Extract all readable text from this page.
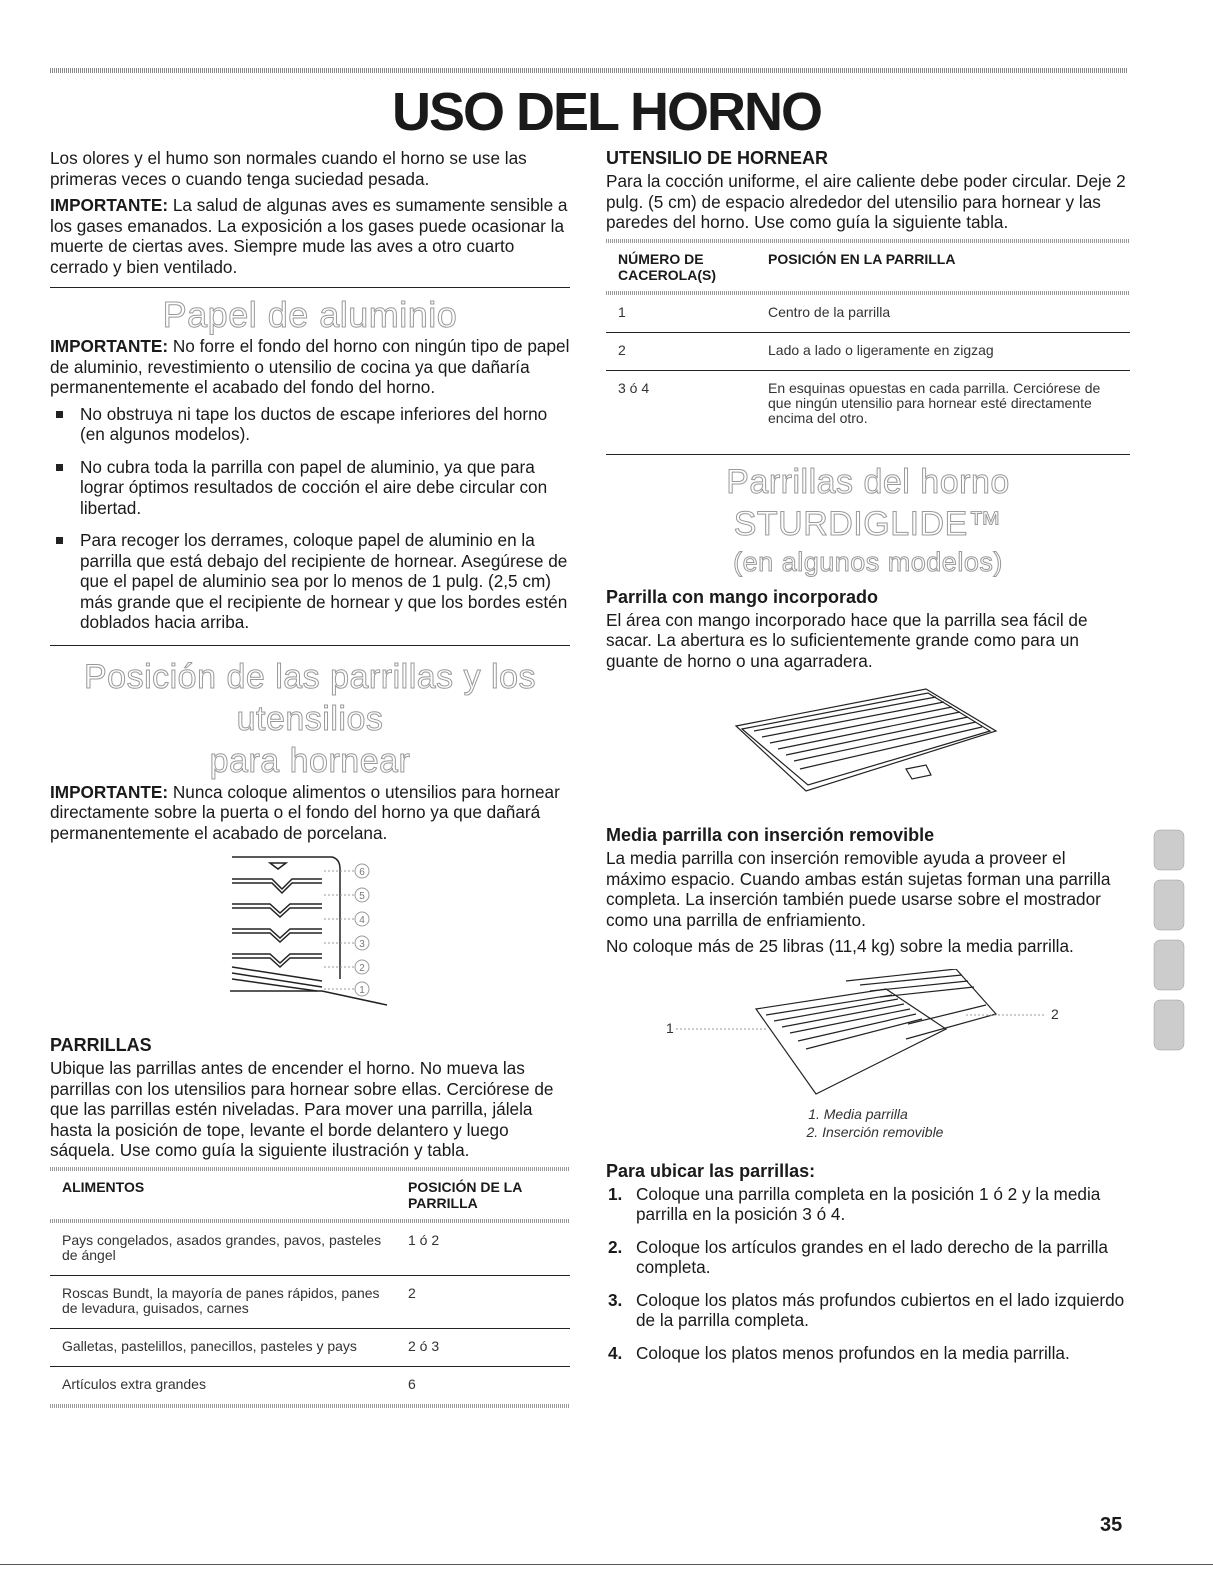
USO DEL HORNO

Los olores y el humo son normales cuando el horno se use las primeras veces o cuando tenga suciedad pesada.

IMPORTANTE: La salud de algunas aves es sumamente sensible a los gases emanados. La exposición a los gases puede ocasionar la muerte de ciertas aves. Siempre mude las aves a otro cuarto cerrado y bien ventilado.

Papel de aluminio

IMPORTANTE: No forre el fondo del horno con ningún tipo de papel de aluminio, revestimiento o utensilio de cocina ya que dañaría permanentemente el acabado del fondo del horno.

No obstruya ni tape los ductos de escape inferiores del horno (en algunos modelos).
No cubra toda la parrilla con papel de aluminio, ya que para lograr óptimos resultados de cocción el aire debe circular con libertad.
Para recoger los derrames, coloque papel de aluminio en la parrilla que está debajo del recipiente de hornear. Asegúrese de que el papel de aluminio sea por lo menos de 1 pulg. (2,5 cm) más grande que el recipiente de hornear y que los bordes estén doblados hacia arriba.
Posición de las parrillas y los utensilios
para hornear

IMPORTANTE: Nunca coloque alimentos o utensilios para hornear directamente sobre la puerta o el fondo del horno ya que dañará permanentemente el acabado de porcelana.

6
5
4
3
2
1
PARRILLAS

Ubique las parrillas antes de encender el horno. No mueva las parrillas con los utensilios para hornear sobre ellas. Cerciórese de que las parrillas estén niveladas. Para mover una parrilla, jálela hasta la posición de tope, levante el borde delantero y luego sáquela. Use como guía la siguiente ilustración y tabla.

ALIMENTOS	POSICIÓN DE LA PARRILLA
Pays congelados, asados grandes, pavos, pasteles de ángel	1 ó 2
Roscas Bundt, la mayoría de panes rápidos, panes de levadura, guisados, carnes	2
Galletas, pastelillos, panecillos, pasteles y pays	2 ó 3
Artículos extra grandes	6
UTENSILIO DE HORNEAR

Para la cocción uniforme, el aire caliente debe poder circular. Deje 2 pulg. (5 cm) de espacio alrededor del utensilio para hornear y las paredes del horno. Use como guía la siguiente tabla.

NÚMERO DE CACEROLA(S)	POSICIÓN EN LA PARRILLA
1	Centro de la parrilla
2	Lado a lado o ligeramente en zigzag
3 ó 4	En esquinas opuestas en cada parrilla. Cerciórese de que ningún utensilio para hornear esté directamente encima del otro.
Parrillas del horno STURDIGLIDE™
(en algunos modelos)
Parrilla con mango incorporado

El área con mango incorporado hace que la parrilla sea fácil de sacar. La abertura es lo suficientemente grande como para un guante de horno o una agarradera.

Media parrilla con inserción removible

La media parrilla con inserción removible ayuda a proveer el máximo espacio. Cuando ambas están sujetas forman una parrilla completa. La inserción también puede usarse sobre el mostrador como una parrilla de enfriamiento.

No coloque más de 25 libras (11,4 kg) sobre la media parrilla.

1
2
1. Media parrilla
2. Inserción removible
Para ubicar las parrillas:
1. Coloque una parrilla completa en la posición 1 ó 2 y la media parrilla en la posición 3 ó 4.
2. Coloque los artículos grandes en el lado derecho de la parrilla completa.
3. Coloque los platos más profundos cubiertos en el lado izquierdo de la parrilla completa.
4. Coloque los platos menos profundos en la media parrilla.
35
